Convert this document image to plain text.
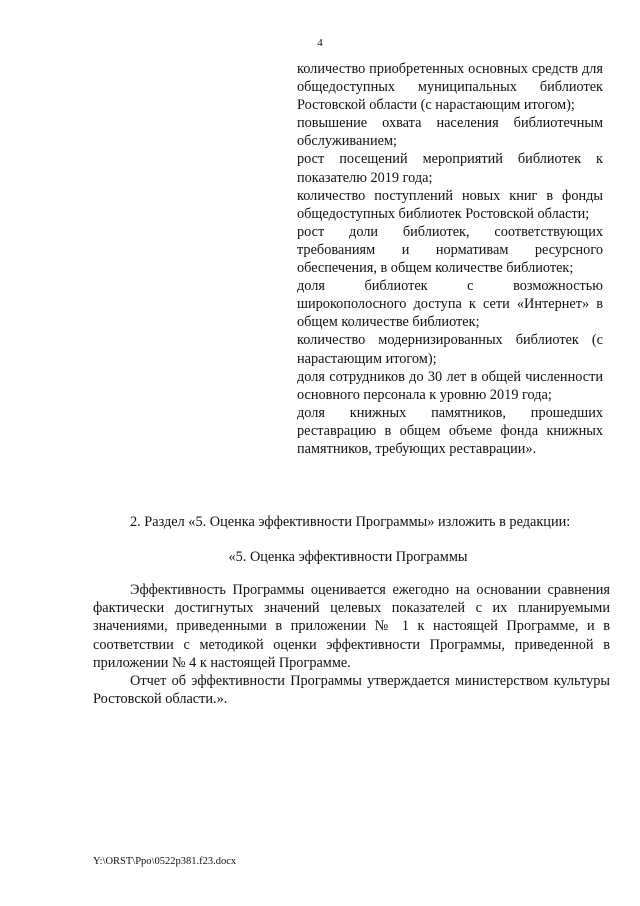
4

количество приобретенных основных средств для общедоступных муниципальных библиотек Ростовской области (с нарастающим итогом);

повышение охвата населения библиотечным обслуживанием;

рост посещений мероприятий библиотек к показателю 2019 года;

количество поступлений новых книг в фонды общедоступных библиотек Ростовской области;

рост доли библиотек, соответствующих требованиям и нормативам ресурсного обеспечения, в общем количестве библиотек;

доля библиотек с возможностью широкополосного доступа к сети «Интернет» в общем количестве библиотек;

количество модернизированных библиотек (с нарастающим итогом);

доля сотрудников до 30 лет в общей численности основного персонала к уровню 2019 года;

доля книжных памятников, прошедших реставрацию в общем объеме фонда книжных памятников, требующих реставрации».

2. Раздел «5. Оценка эффективности Программы» изложить в редакции:

«5. Оценка эффективности Программы

Эффективность Программы оценивается ежегодно на основании сравнения фактически достигнутых значений целевых показателей с их планируемыми значениями, приведенными в приложении № 1 к настоящей Программе, и в соответствии с методикой оценки эффективности Программы, приведенной в приложении № 4 к настоящей Программе.

Отчет об эффективности Программы утверждается министерством культуры Ростовской области.».

Y:\ORST\Ppo\0522p381.f23.docx
